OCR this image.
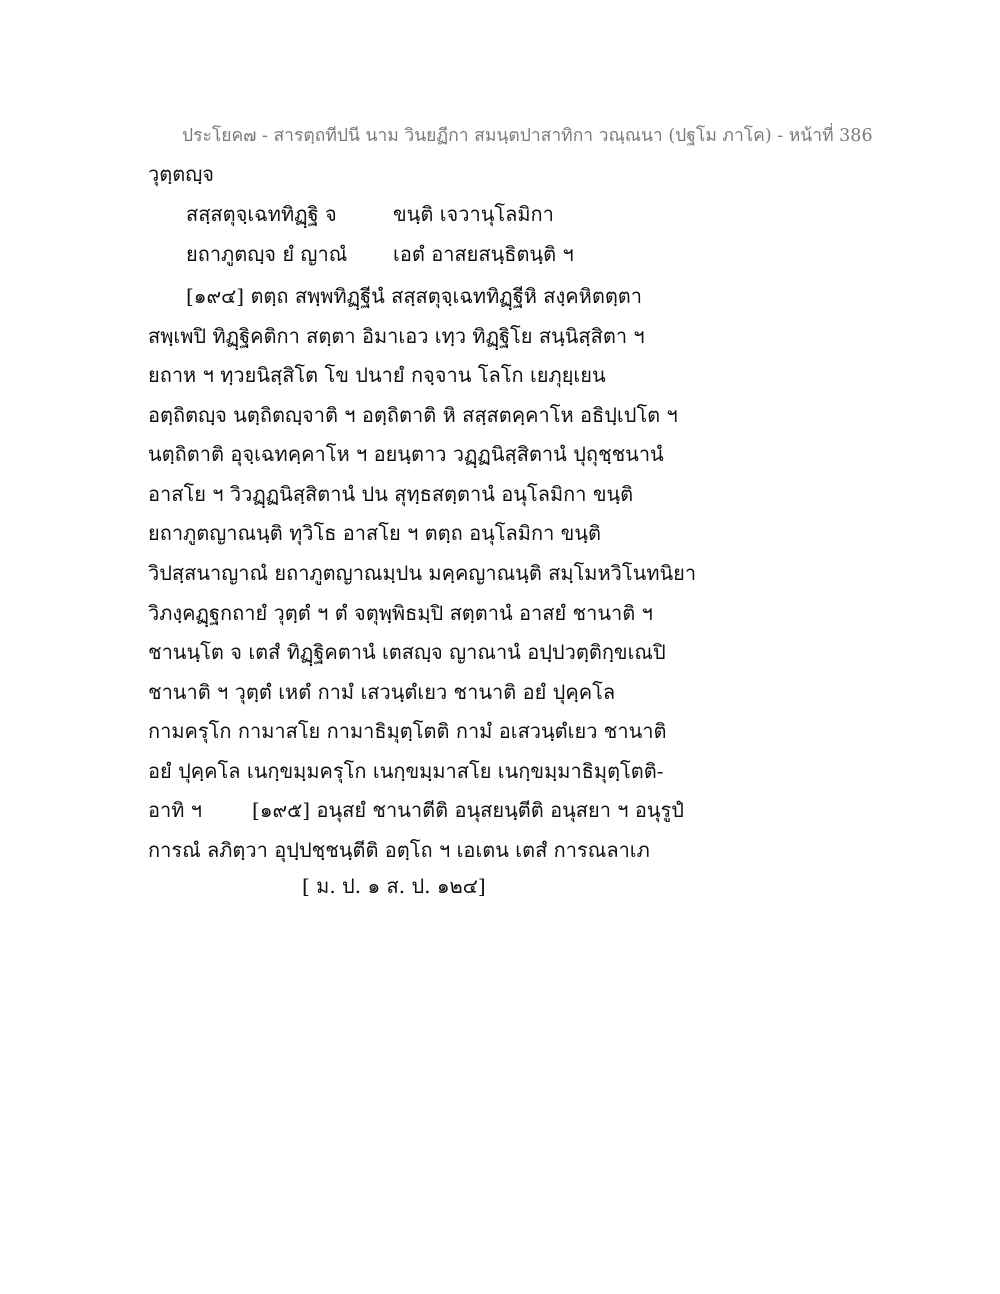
ประโยค๗ - สารตฺถทีปนี นาม วินยฏีกา สมนฺตปาสาทิกา วณฺณนา (ปฐโม ภาโค) - หน้าที่ 386
วุตฺตญฺจ
สสฺสตุจฺเฉททิฏฺฐิ จ	ขนฺติ เจวานุโลมิกา
ยถาภูตญฺจ ยํ ญาณํ เอตํ อาสยสนฺธิตนฺติ ฯ
[๑๙๔] ตตฺถ สพฺพทิฏฺฐีนํ สสฺสตุจฺเฉททิฏฺฐีหิ สงฺคหิตตฺตา
สพฺเพปิ ทิฏฺฐิคติกา สตฺตา อิมาเอว เทฺว ทิฏฺฐิโย สนฺนิสฺสิตา ฯ
ยถาห ฯ ทฺวยนิสฺสิโต โข ปนายํ กจฺจาน โลโก เยภุยฺเยน
อตฺถิตญฺจ นตฺถิตญฺจาติ ฯ อตฺถิตาติ หิ สสฺสตคฺคาโห อธิปฺเปโต ฯ
นตฺถิตาติ อุจฺเฉทคฺคาโห ฯ อยนฺตาว วฏฺฏนิสฺสิตานํ ปุถุชฺชนานํ
อาสโย ฯ วิวฏฺฏนิสฺสิตานํ ปน สุทฺธสตฺตานํ อนุโลมิกา ขนฺติ
ยถาภูตญาณนฺติ ทุวิโธ อาสโย ฯ ตตฺถ อนุโลมิกา ขนฺติ
วิปสฺสนาญาณํ ยถาภูตญาณมฺปน มคฺคญาณนฺติ สมฺโมหวิโนทนิยา
วิภงฺคฏฺฐกถายํ วุตฺตํ ฯ ตํ จตุพฺพิธมฺปิ สตฺตานํ อาสยํ ชานาติ ฯ
ชานนฺโต จ เตสํ ทิฏฺฐิคตานํ เตสญฺจ ญาณานํ อปฺปวตฺติกฺขเณปิ
ชานาติ ฯ วุตฺตํ เหตํ กามํ เสวนฺตํเยว ชานาติ อยํ ปุคฺคโล
กามครุโก กามาสโย กามาธิมุตฺโตติ กามํ อเสวนฺตํเยว ชานาติ
อยํ ปุคฺคโล เนกฺขมฺมครุโก เนกฺขมฺมาสโย เนกฺขมฺมาธิมุตฺโตติ-
อาทิ ฯ	[๑๙๕] อนุสยํ ชานาตีติ อนุสยนฺตีติ อนุสยา ฯ อนุรูปํ
การณํ ลภิตฺวา อุปฺปชฺชนฺตีติ อตฺโถ ฯ เอเตน เตสํ การณลาเภ
[ ม. ป. ๑ ส. ป. ๑๒๔]
